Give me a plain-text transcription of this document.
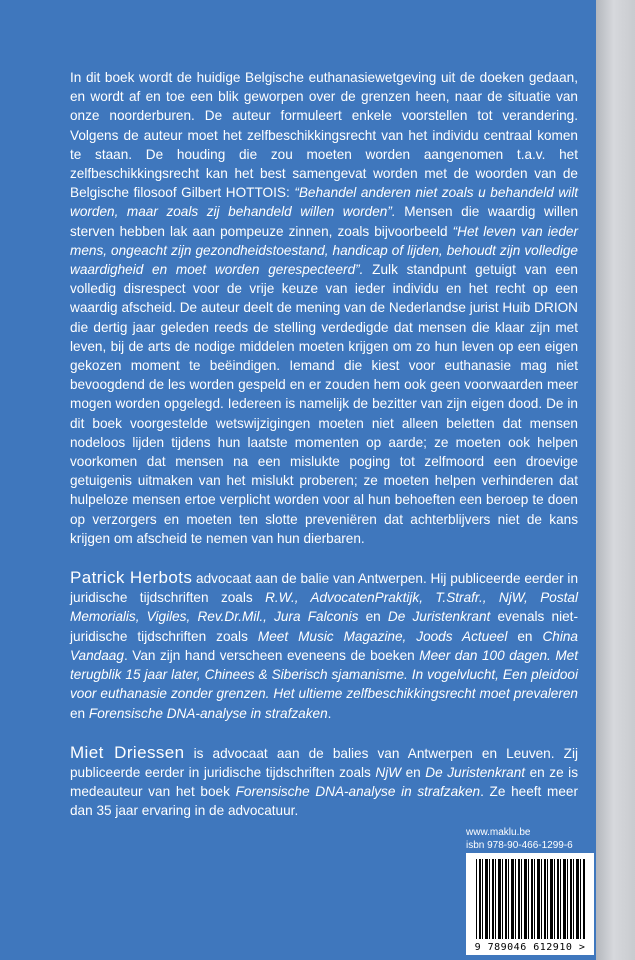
In dit boek wordt de huidige Belgische euthanasiewetgeving uit de doeken gedaan, en wordt af en toe een blik geworpen over de grenzen heen, naar de situatie van onze noorderburen. De auteur formuleert enkele voorstellen tot verandering. Volgens de auteur moet het zelfbeschikkingsrecht van het individu centraal komen te staan. De houding die zou moeten worden aangenomen t.a.v. het zelfbeschikkingsrecht kan het best samengevat worden met de woorden van de Belgische filosoof Gilbert HOTTOIS: “Behandel anderen niet zoals u behandeld wilt worden, maar zoals zij behandeld willen worden”. Mensen die waardig willen sterven hebben lak aan pompeuze zinnen, zoals bijvoorbeeld “Het leven van ieder mens, ongeacht zijn gezondheidstoestand, handicap of lijden, behoudt zijn volledige waardigheid en moet worden gerespecteerd”. Zulk standpunt getuigt van een volledig disrespect voor de vrije keuze van ieder individu en het recht op een waardig afscheid. De auteur deelt de mening van de Nederlandse jurist Huib DRION die dertig jaar geleden reeds de stelling verdedigde dat mensen die klaar zijn met leven, bij de arts de nodige middelen moeten krijgen om zo hun leven op een eigen gekozen moment te beëindigen. Iemand die kiest voor euthanasie mag niet bevoogdend de les worden gespeld en er zouden hem ook geen voorwaarden meer mogen worden opgelegd. Iedereen is namelijk de bezitter van zijn eigen dood. De in dit boek voorgestelde wetswijzigingen moeten niet alleen beletten dat mensen nodeloos lijden tijdens hun laatste momenten op aarde; ze moeten ook helpen voorkomen dat mensen na een mislukte poging tot zelfmoord een droevige getuigenis uitmaken van het mislukt proberen; ze moeten helpen verhinderen dat hulpeloze mensen ertoe verplicht worden voor al hun behoeften een beroep te doen op verzorgers en moeten ten slotte preveniëren dat achterblijvers niet de kans krijgen om afscheid te nemen van hun dierbaren.

Patrick Herbots advocaat aan de balie van Antwerpen. Hij publiceerde eerder in juridische tijdschriften zoals R.W., AdvocatenPraktijk, T.Strafr., NjW, Postal Memorialis, Vigiles, Rev.Dr.Mil., Jura Falconis en De Juristenkrant evenals niet-juridische tijdschriften zoals Meet Music Magazine, Joods Actueel en China Vandaag. Van zijn hand verscheen eveneens de boeken Meer dan 100 dagen. Met terugblik 15 jaar later, Chinees & Siberisch sjamanisme. In vogelvlucht, Een pleidooi voor euthanasie zonder grenzen. Het ultieme zelfbeschikkingsrecht moet prevaleren en Forensische DNA-analyse in strafzaken.

Miet Driessen is advocaat aan de balies van Antwerpen en Leuven. Zij publiceerde eerder in juridische tijdschriften zoals NjW en De Juristenkrant en ze is medeauteur van het boek Forensische DNA-analyse in strafzaken. Ze heeft meer dan 35 jaar ervaring in de advocatuur.

www.maklu.be
isbn 978-90-466-1299-6
9 789046 612910 >
